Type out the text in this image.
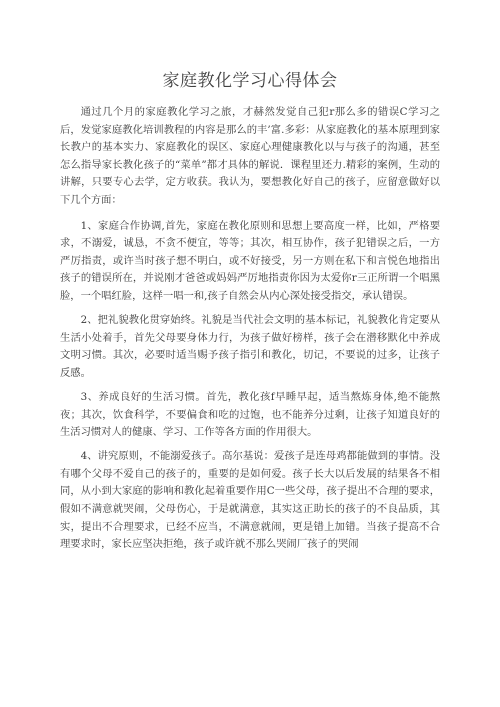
家庭教化学习心得体会

通过几个月的家庭教化学习之旅，才赫然发觉自己犯r那么多的错误C学习之后，发觉家庭教化培训教程的内容是那么的丰’富.多彩：从家庭教化的基本原理到家长教户的基本实力、家庭教化的误区、家庭心理健康教化以与与孩子的沟通，甚至怎么指导家长教化孩子的“菜单”都才具体的解说．课程里还力.精彩的案例，生动的讲解，只要专心去学，定方收获。我认为，要想教化好自己的孩子，应留意做好以下几个方面：

1、家庭合作协调,首先，家庭在教化原则和思想上要高度一样，比如，严格要求，不溺爱，诚恳，不贪不便宜，等等；其次，相互协作，孩子犯错误之后，一方严厉指责，或许当时孩子想不明白，或不好接受，另一方则在私下和言悦色地指出孩子的错误所在，并说刚才爸爸或妈妈严厉地指责你因为太爱你r三正所谓一个唱黑脸，一个唱红脸，这样一唱一和,孩子自然会从内心深处接受指交，承认错误。

2、把礼貌教化贯穿始终。礼貌是当代社会文明的基本标记，礼貌教化肯定要从生活小处着手，首先父母要身体力行，为孩子做好榜样，孩子会在潜移默化中养成文明习惯。其次，必要时适当赐予孩子指引和教化，切记，不要说的过多，让孩子反感。

3、养成良好的生活习惯。首先，教化孩f早睡早起，适当熬炼身体,绝不能熬夜；其次，饮食科学，不要偏食和吃的过饱，也不能养分过剩，让孩子知道良好的生活习惯对人的健康、学习、工作等各方面的作用很大。

4、讲究原则，不能溺爱孩子。高尔基说：爱孩子是连母鸡都能做到的事情。没有哪个父母不爱自己的孩子的，重要的是如何爱。孩子长大以后发展的结果各不相同，从小到大家庭的影响和教化起着重要作用C一些父母，孩子提出不合理的要求，假如不满意就哭闹，父母伤心，于是就满意，其实这正助长的孩子的不良品质，其实，提出不合理要求，已经不应当，不满意就闹，更是错上加错。当孩子提高不合理要求时，家长应坚决拒绝，孩子或许就不那么哭闹厂孩子的哭闹
